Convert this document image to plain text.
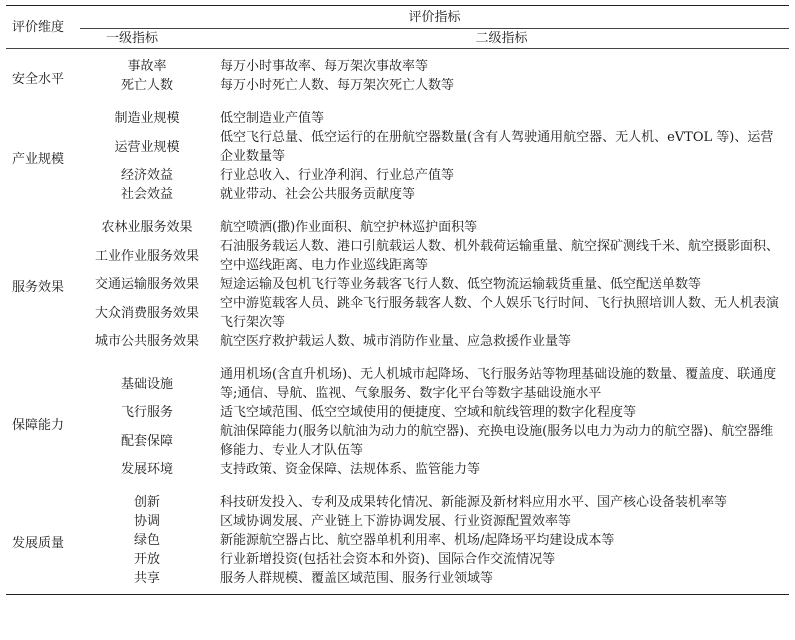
评价维度	评价指标	
	一级指标	二级指标
安全水平	事故率	每万小时事故率、每万架次事故率等
	死亡人数	每万小时死亡人数、每万架次死亡人数等
产业规模	制造业规模	低空制造业产值等
	运营业规模	低空飞行总量、低空运行的在册航空器数量(含有人驾驶通用航空器、无人机、eVTOL 等)、运营企业数量等
	经济效益	行业总收入、行业净利润、行业总产值等
	社会效益	就业带动、社会公共服务贡献度等
服务效果	农林业服务效果	航空喷洒(撒)作业面积、航空护林巡护面积等
	工业作业服务效果	石油服务载运人数、港口引航载运人数、机外载荷运输重量、航空探矿测线千米、航空摄影面积、空中巡线距离、电力作业巡线距离等
	交通运输服务效果	短途运输及包机飞行等业务载客飞行人数、低空物流运输载货重量、低空配送单数等
	大众消费服务效果	空中游览载客人员、跳伞飞行服务载客人数、个人娱乐飞行时间、飞行执照培训人数、无人机表演飞行架次等
	城市公共服务效果	航空医疗救护载运人数、城市消防作业量、应急救援作业量等
保障能力	基础设施	通用机场(含直升机场)、无人机城市起降场、飞行服务站等物理基础设施的数量、覆盖度、联通度等;通信、导航、监视、气象服务、数字化平台等数字基础设施水平
	飞行服务	适飞空域范围、低空空域使用的便捷度、空域和航线管理的数字化程度等
	配套保障	航油保障能力(服务以航油为动力的航空器)、充换电设施(服务以电力为动力的航空器)、航空器维修能力、专业人才队伍等
	发展环境	支持政策、资金保障、法规体系、监管能力等
发展质量	创新	科技研发投入、专利及成果转化情况、新能源及新材料应用水平、国产核心设备装机率等
	协调	区域协调发展、产业链上下游协调发展、行业资源配置效率等
	绿色	新能源航空器占比、航空器单机利用率、机场/起降场平均建设成本等
	开放	行业新增投资(包括社会资本和外资)、国际合作交流情况等
	共享	服务人群规模、覆盖区域范围、服务行业领域等
